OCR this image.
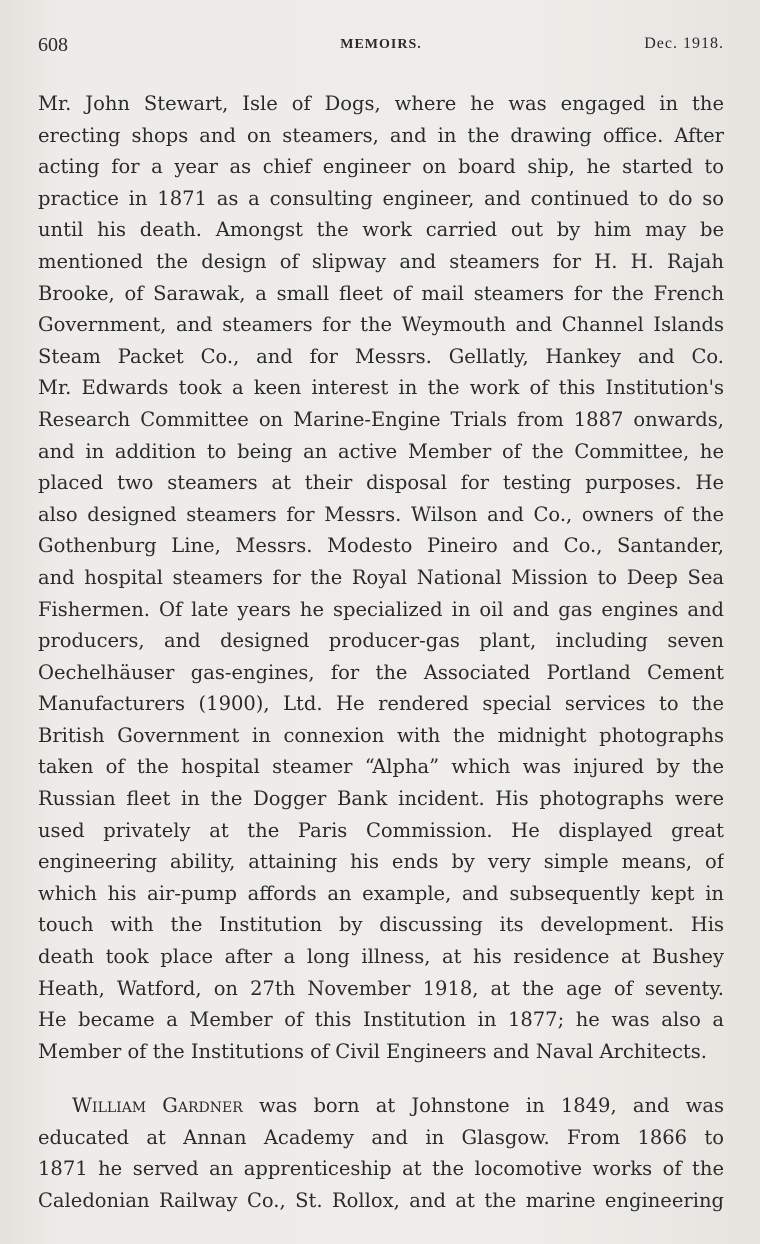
608	MEMOIRS.	Dec. 1918.
Mr. John Stewart, Isle of Dogs, where he was engaged in the
erecting shops and on steamers, and in the drawing office. After
acting for a year as chief engineer on board ship, he started to
practice in 1871 as a consulting engineer, and continued to do so
until his death. Amongst the work carried out by him may be
mentioned the design of slipway and steamers for H. H. Rajah
Brooke, of Sarawak, a small fleet of mail steamers for the French
Government, and steamers for the Weymouth and Channel Islands
Steam Packet Co., and for Messrs. Gellatly, Hankey and Co.
Mr. Edwards took a keen interest in the work of this Institution's
Research Committee on Marine-Engine Trials from 1887 onwards,
and in addition to being an active Member of the Committee, he
placed two steamers at their disposal for testing purposes. He
also designed steamers for Messrs. Wilson and Co., owners of the
Gothenburg Line, Messrs. Modesto Pineiro and Co., Santander,
and hospital steamers for the Royal National Mission to Deep Sea
Fishermen. Of late years he specialized in oil and gas engines and
producers, and designed producer-gas plant, including seven
Oechelhäuser gas-engines, for the Associated Portland Cement
Manufacturers (1900), Ltd. He rendered special services to the
British Government in connexion with the midnight photographs
taken of the hospital steamer “Alpha” which was injured by the
Russian fleet in the Dogger Bank incident. His photographs were
used privately at the Paris Commission. He displayed great
engineering ability, attaining his ends by very simple means, of
which his air-pump affords an example, and subsequently kept in
touch with the Institution by discussing its development. His
death took place after a long illness, at his residence at Bushey
Heath, Watford, on 27th November 1918, at the age of seventy.
He became a Member of this Institution in 1877; he was also a
Member of the Institutions of Civil Engineers and Naval Architects.
William Gardner was born at Johnstone in 1849, and was
educated at Annan Academy and in Glasgow. From 1866 to
1871 he served an apprenticeship at the locomotive works of the
Caledonian Railway Co., St. Rollox, and at the marine engineering
